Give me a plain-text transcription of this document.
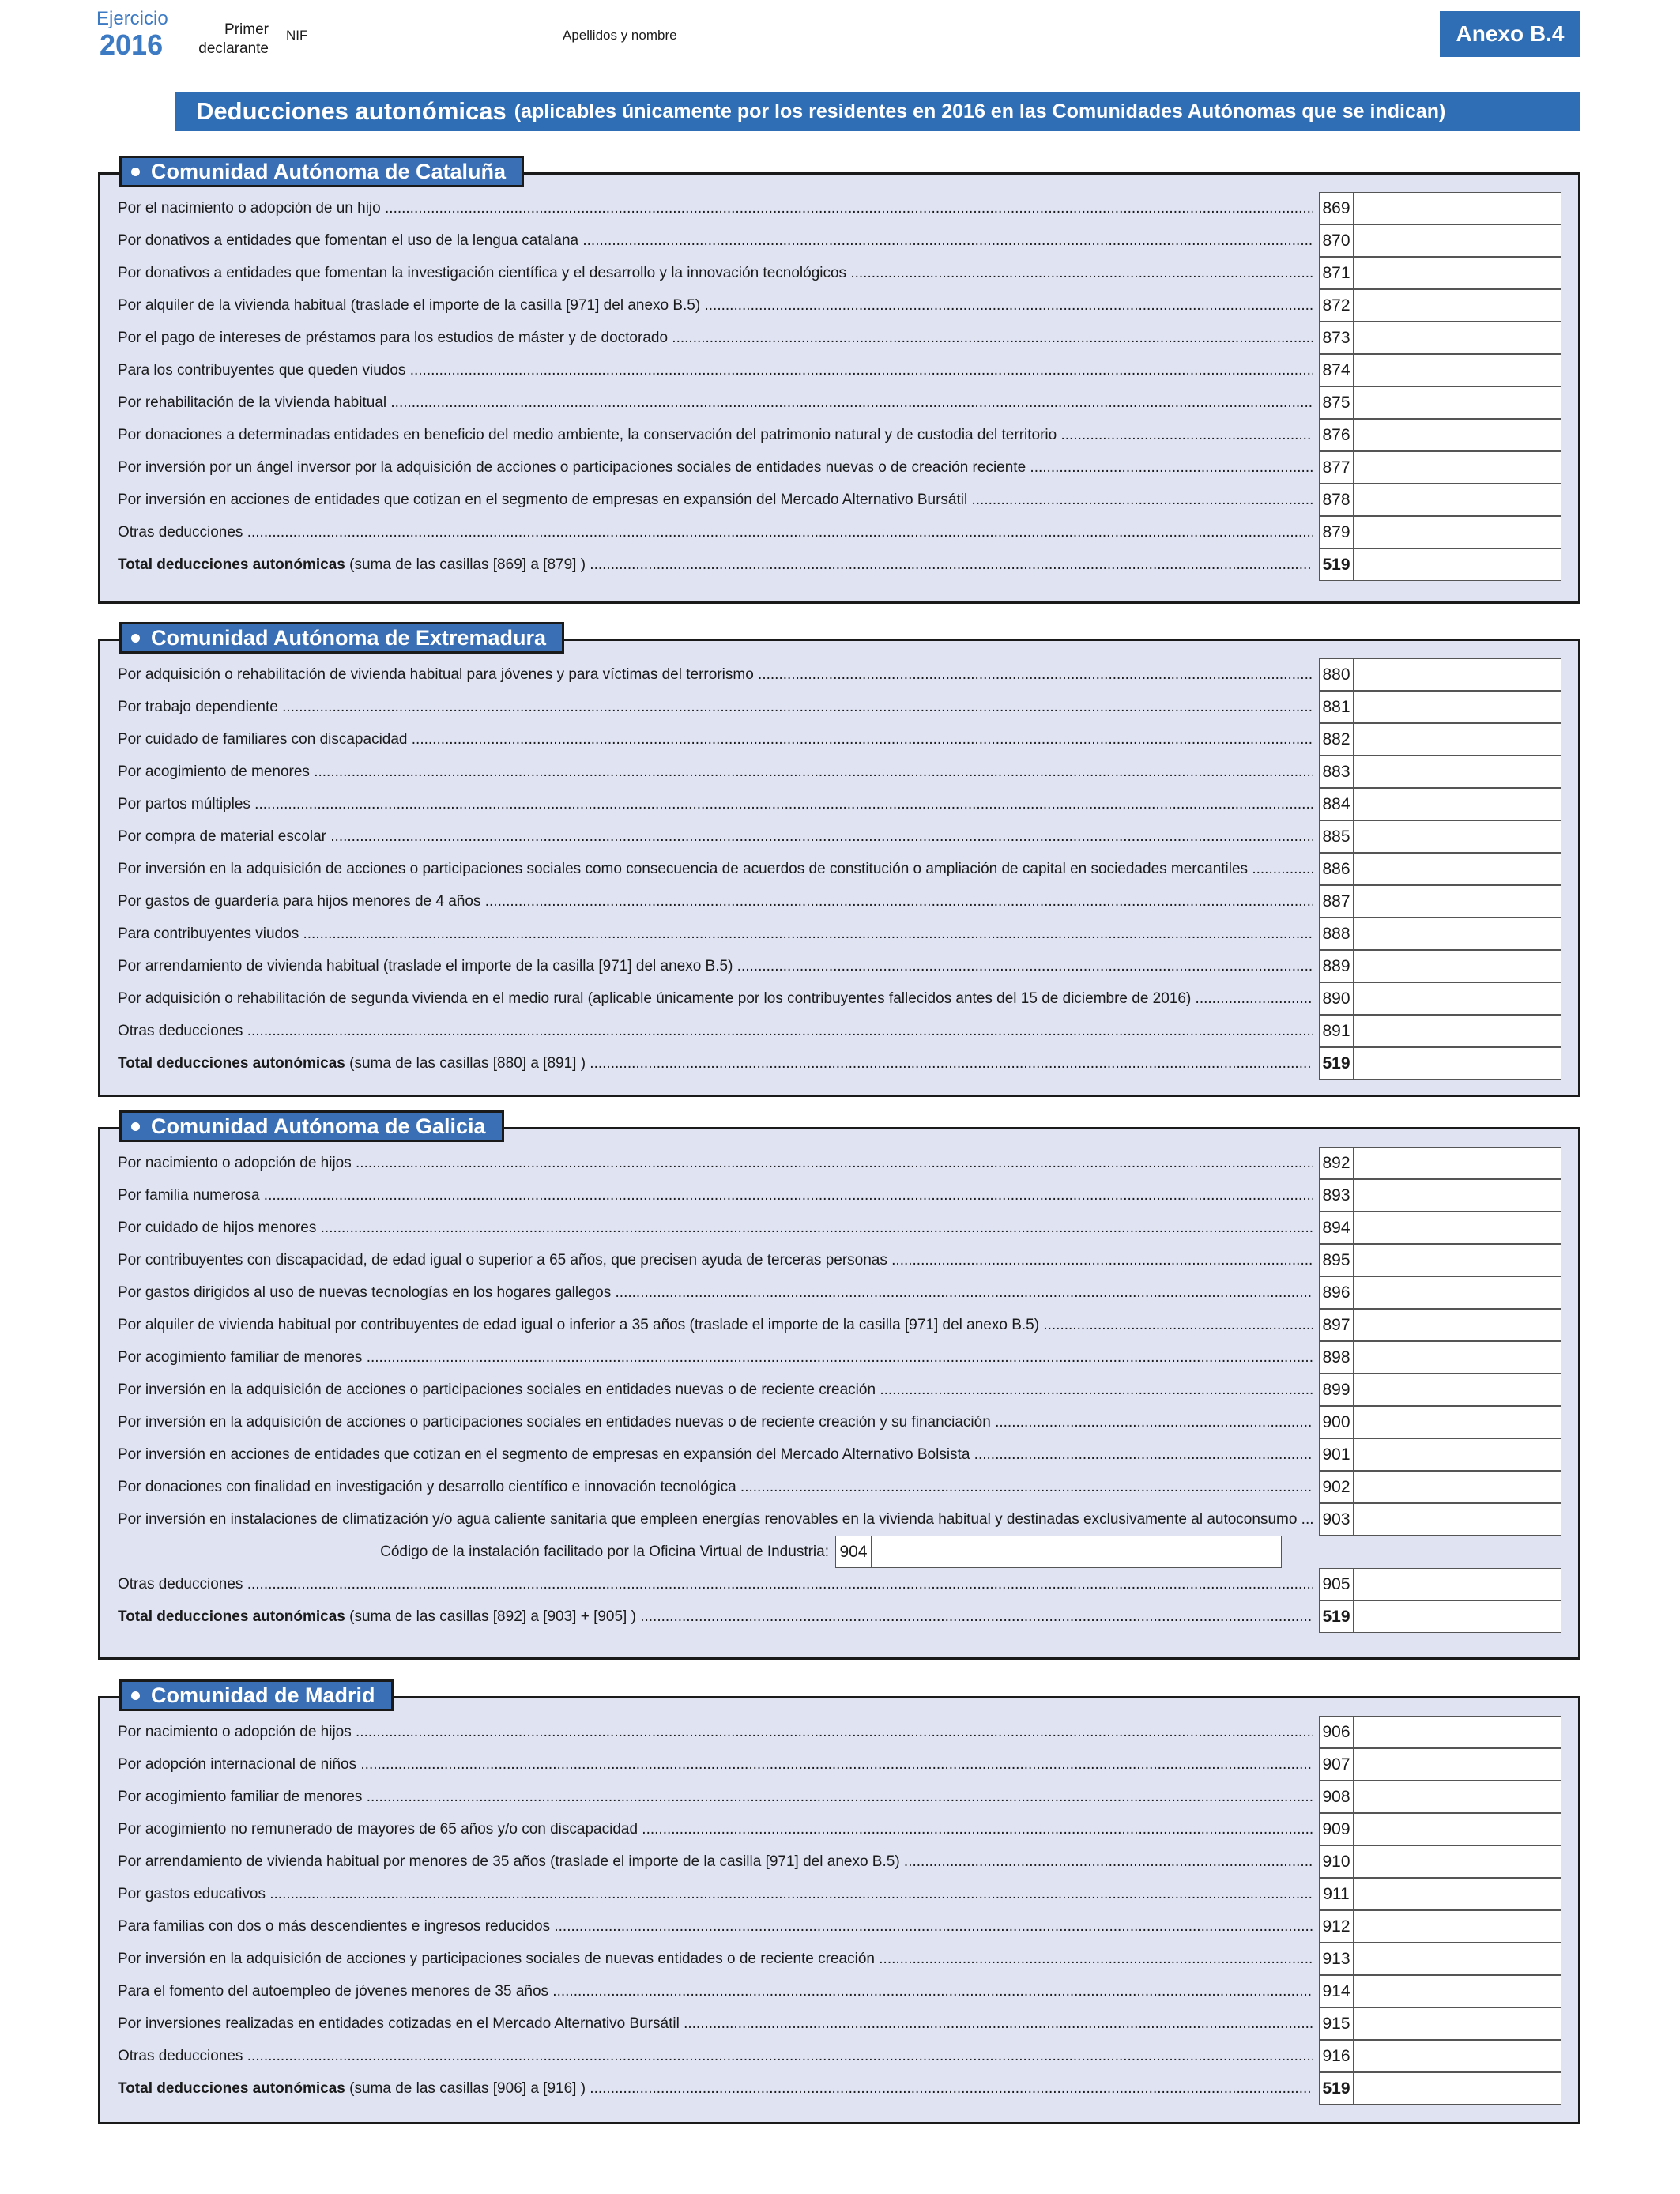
Ejercicio
2016	Primer declarante
NIF	Apellidos y nombre	Anexo B.4
Deducciones autonómicas (aplicables únicamente por los residentes en 2016 en las Comunidades Autónomas que se indican)
Comunidad Autónoma de Cataluña
Por el nacimiento o adopción de un hijo .....	869
Por donativos a entidades que fomentan el uso de la lengua catalana .....	870
Por donativos a entidades que fomentan la investigación científica y el desarrollo y la innovación tecnológicos .....	871
Por alquiler de la vivienda habitual (traslade el importe de la casilla [971] del anexo B.5) .....	872
Por el pago de intereses de préstamos para los estudios de máster y de doctorado .....	873
Para los contribuyentes que queden viudos .....	874
Por rehabilitación de la vivienda habitual .....	875
Por donaciones a determinadas entidades en beneficio del medio ambiente, la conservación del patrimonio natural y de custodia del territorio .....	876
Por inversión por un ángel inversor por la adquisición de acciones o participaciones sociales de entidades nuevas o de creación reciente .....	877
Por inversión en acciones de entidades que cotizan en el segmento de empresas en expansión del Mercado Alternativo Bursátil .....	878
Otras deducciones .....	879
Total deducciones autonómicas (suma de las casillas [869] a [879] ) .....	519
Comunidad Autónoma de Extremadura
Por adquisición o rehabilitación de vivienda habitual para jóvenes y para víctimas del terrorismo .....	880
Por trabajo dependiente .....	881
Por cuidado de familiares con discapacidad .....	882
Por acogimiento de menores .....	883
Por partos múltiples .....	884
Por compra de material escolar .....	885
Por inversión en la adquisición de acciones o participaciones sociales como consecuencia de acuerdos de constitución o ampliación de capital en sociedades mercantiles .....	886
Por gastos de guardería para hijos menores de 4 años .....	887
Para contribuyentes viudos .....	888
Por arrendamiento de vivienda habitual (traslade el importe de la casilla [971] del anexo B.5) .....	889
Por adquisición o rehabilitación de segunda vivienda en el medio rural (aplicable únicamente por los contribuyentes fallecidos antes del 15 de diciembre de 2016) .....	890
Otras deducciones .....	891
Total deducciones autonómicas (suma de las casillas [880] a [891] ) .....	519
Comunidad Autónoma de Galicia
Por nacimiento o adopción de hijos .....	892
Por familia numerosa .....	893
Por cuidado de hijos menores .....	894
Por contribuyentes con discapacidad, de edad igual o superior a 65 años, que precisen ayuda de terceras personas .....	895
Por gastos dirigidos al uso de nuevas tecnologías en los hogares gallegos .....	896
Por alquiler de vivienda habitual por contribuyentes de edad igual o inferior a 35 años (traslade el importe de la casilla [971] del anexo B.5) .....	897
Por acogimiento familiar de menores .....	898
Por inversión en la adquisición de acciones o participaciones sociales en entidades nuevas o de reciente creación .....	899
Por inversión en la adquisición de acciones o participaciones sociales en entidades nuevas o de reciente creación y su financiación .....	900
Por inversión en acciones de entidades que cotizan en el segmento de empresas en expansión del Mercado Alternativo Bolsista .....	901
Por donaciones con finalidad en investigación y desarrollo científico e innovación tecnológica .....	902
Por inversión en instalaciones de climatización y/o agua caliente sanitaria que empleen energías renovables en la vivienda habitual y destinadas exclusivamente al autoconsumo .....	903
Código de la instalación facilitado por la Oficina Virtual de Industria: 904
Otras deducciones .....	905
Total deducciones autonómicas (suma de las casillas [892] a [903] + [905] ) .....	519
Comunidad de Madrid
Por nacimiento o adopción de hijos .....	906
Por adopción internacional de niños .....	907
Por acogimiento familiar de menores .....	908
Por acogimiento no remunerado de mayores de 65 años y/o con discapacidad .....	909
Por arrendamiento de vivienda habitual por menores de 35 años (traslade el importe de la casilla [971] del anexo B.5) .....	910
Por gastos educativos .....	911
Para familias con dos o más descendientes e ingresos reducidos .....	912
Por inversión en la adquisición de acciones y participaciones sociales de nuevas entidades o de reciente creación .....	913
Para el fomento del autoempleo de jóvenes menores de 35 años .....	914
Por inversiones realizadas en entidades cotizadas en el Mercado Alternativo Bursátil .....	915
Otras deducciones .....	916
Total deducciones autonómicas (suma de las casillas [906] a [916] ) .....	519
